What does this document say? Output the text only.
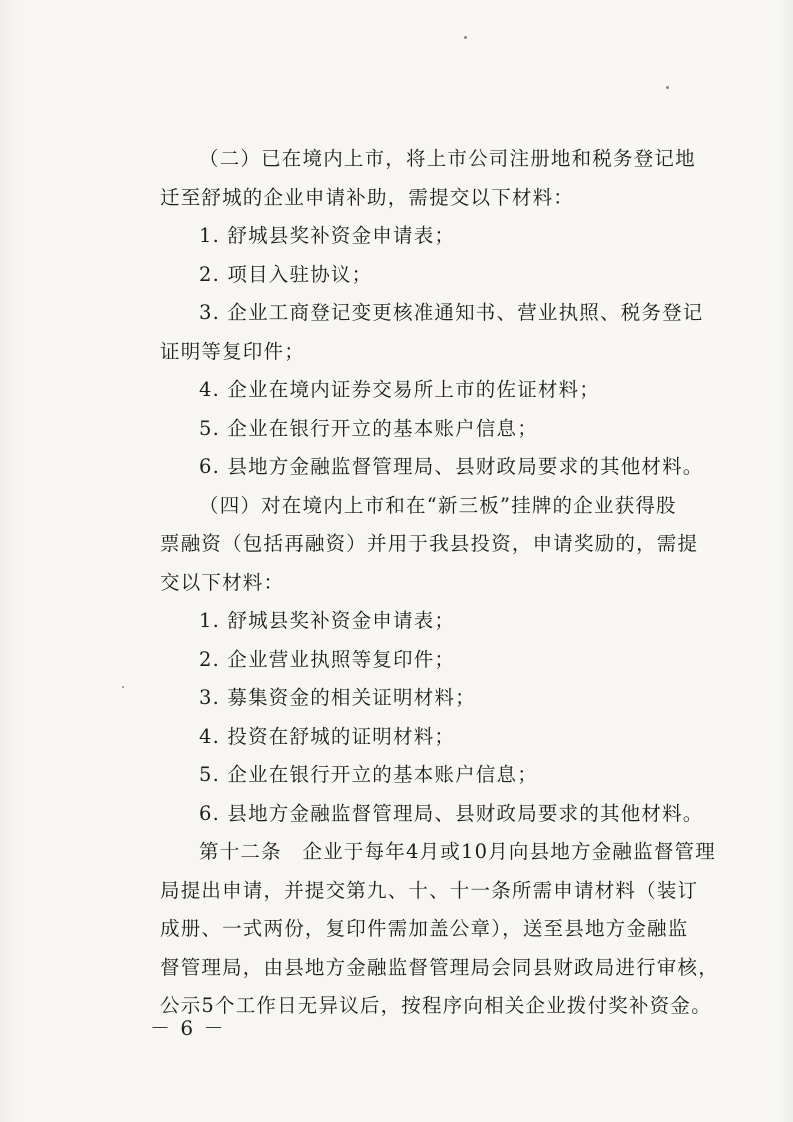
（二）已在境内上市，将上市公司注册地和税务登记地

迁至舒城的企业申请补助，需提交以下材料：

1. 舒城县奖补资金申请表；

2. 项目入驻协议；

3. 企业工商登记变更核准通知书、营业执照、税务登记

证明等复印件；

4. 企业在境内证券交易所上市的佐证材料；

5. 企业在银行开立的基本账户信息；

6. 县地方金融监督管理局、县财政局要求的其他材料。

（四）对在境内上市和在“新三板”挂牌的企业获得股

票融资（包括再融资）并用于我县投资，申请奖励的，需提

交以下材料：

1. 舒城县奖补资金申请表；

2. 企业营业执照等复印件；

3. 募集资金的相关证明材料；

4. 投资在舒城的证明材料；

5. 企业在银行开立的基本账户信息；

6. 县地方金融监督管理局、县财政局要求的其他材料。

第十二条　企业于每年4月或10月向县地方金融监督管理

局提出申请，并提交第九、十、十一条所需申请材料（装订

成册、一式两份，复印件需加盖公章），送至县地方金融监

督管理局，由县地方金融监督管理局会同县财政局进行审核，

公示5个工作日无异议后，按程序向相关企业拨付奖补资金。

－ 6 －
